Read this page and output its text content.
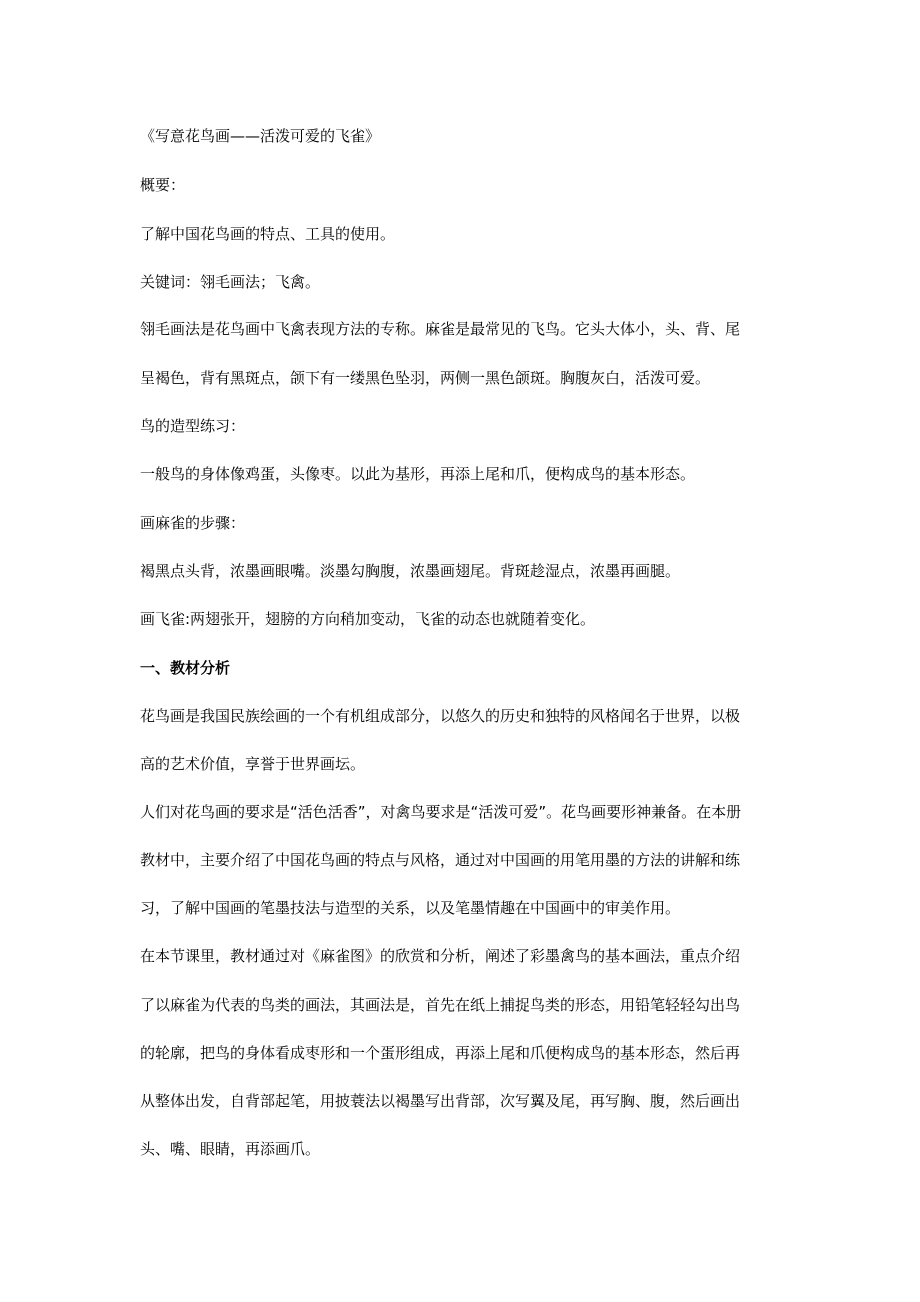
《写意花鸟画——活泼可爱的飞雀》
概要：
了解中国花鸟画的特点、工具的使用。
关键词：翎毛画法；飞禽。
翎毛画法是花鸟画中飞禽表现方法的专称。麻雀是最常见的飞鸟。它头大体小，头、背、尾
呈褐色，背有黑斑点，颌下有一缕黑色坠羽，两侧一黑色颌斑。胸腹灰白，活泼可爱。
鸟的造型练习：
一般鸟的身体像鸡蛋，头像枣。以此为基形，再添上尾和爪，便构成鸟的基本形态。
画麻雀的步骤：
褐黑点头背，浓墨画眼嘴。淡墨勾胸腹，浓墨画翅尾。背斑趁湿点，浓墨再画腿。
画飞雀:两翅张开，翅膀的方向稍加变动，飞雀的动态也就随着变化。
一、教材分析
花鸟画是我国民族绘画的一个有机组成部分，以悠久的历史和独特的风格闻名于世界，以极
高的艺术价值，享誉于世界画坛。
人们对花鸟画的要求是“活色活香”，对禽鸟要求是“活泼可爱”。花鸟画要形神兼备。在本册
教材中，主要介绍了中国花鸟画的特点与风格，通过对中国画的用笔用墨的方法的讲解和练
习，了解中国画的笔墨技法与造型的关系，以及笔墨情趣在中国画中的审美作用。
在本节课里，教材通过对《麻雀图》的欣赏和分析，阐述了彩墨禽鸟的基本画法，重点介绍
了以麻雀为代表的鸟类的画法，其画法是，首先在纸上捕捉鸟类的形态，用铅笔轻轻勾出鸟
的轮廓，把鸟的身体看成枣形和一个蛋形组成，再添上尾和爪便构成鸟的基本形态，然后再
从整体出发，自背部起笔，用披蓑法以褐墨写出背部，次写翼及尾，再写胸、腹，然后画出
头、嘴、眼睛，再添画爪。
